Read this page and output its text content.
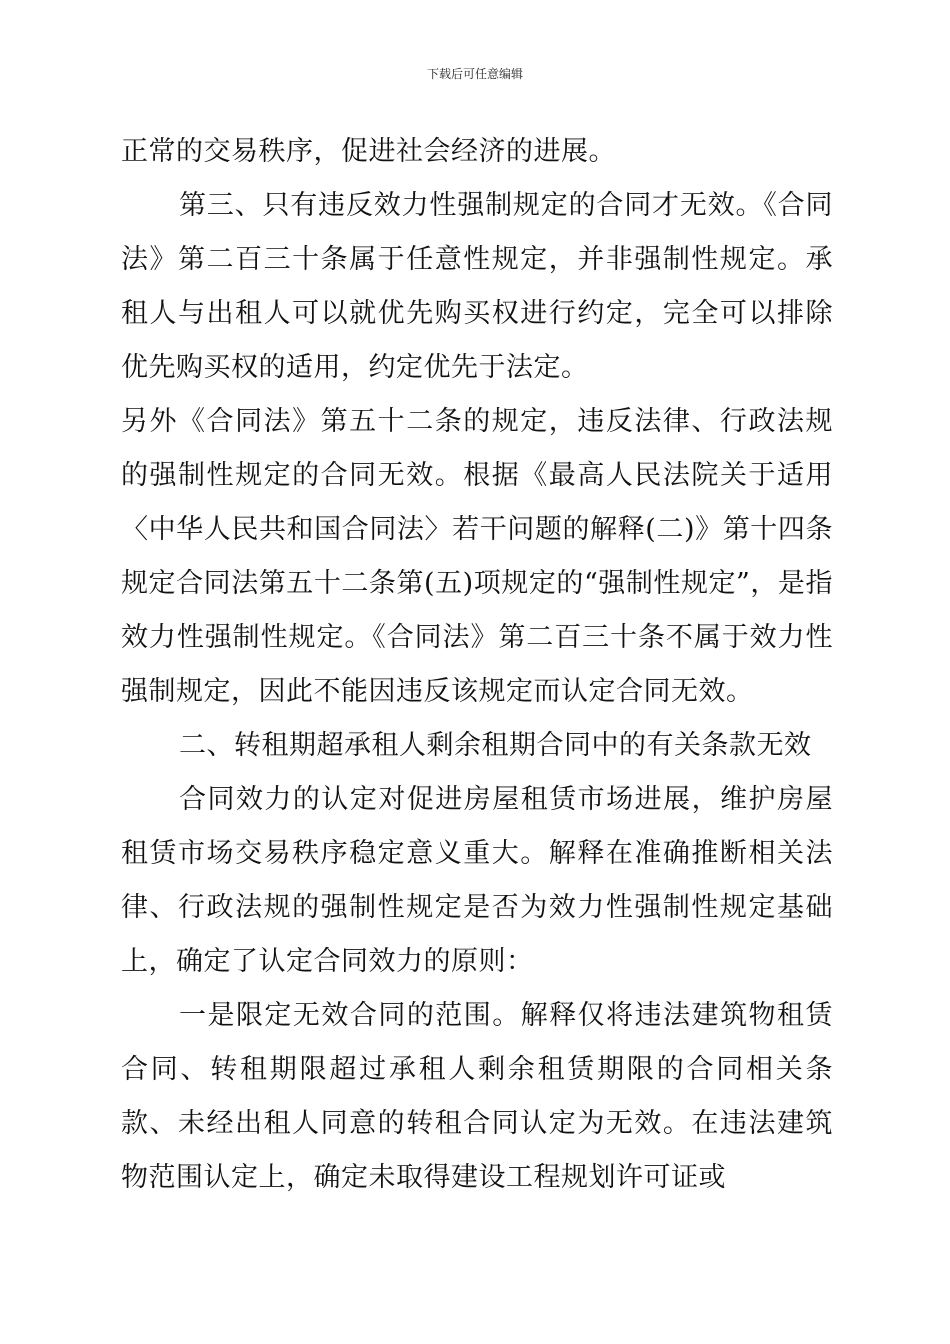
下载后可任意编辑

正常的交易秩序，促进社会经济的进展。

第三、只有违反效力性强制规定的合同才无效。《合同法》第二百三十条属于任意性规定，并非强制性规定。承租人与出租人可以就优先购买权进行约定，完全可以排除优先购买权的适用，约定优先于法定。

另外《合同法》第五十二条的规定，违反法律、行政法规的强制性规定的合同无效。根据《最高人民法院关于适用〈中华人民共和国合同法〉若干问题的解释(二)》第十四条规定合同法第五十二条第(五)项规定的“强制性规定”，是指效力性强制性规定。《合同法》第二百三十条不属于效力性强制规定，因此不能因违反该规定而认定合同无效。

二、转租期超承租人剩余租期合同中的有关条款无效

合同效力的认定对促进房屋租赁市场进展，维护房屋租赁市场交易秩序稳定意义重大。解释在准确推断相关法律、行政法规的强制性规定是否为效力性强制性规定基础上，确定了认定合同效力的原则：

一是限定无效合同的范围。解释仅将违法建筑物租赁合同、转租期限超过承租人剩余租赁期限的合同相关条款、未经出租人同意的转租合同认定为无效。在违法建筑物范围认定上，确定未取得建设工程规划许可证或
